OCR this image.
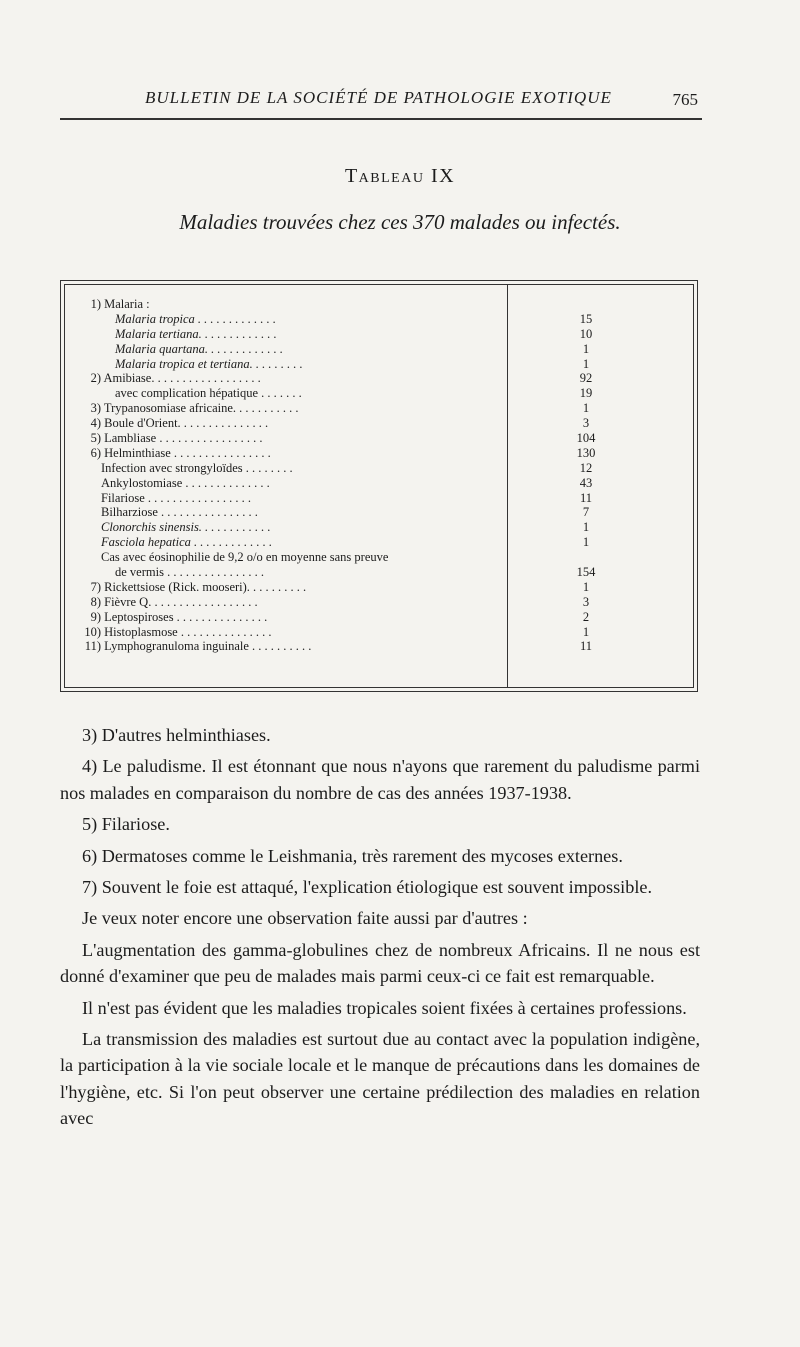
BULLETIN DE LA SOCIÉTÉ DE PATHOLOGIE EXOTIQUE	765
Tableau IX
Maladies trouvées chez ces 370 malades ou infectés.
1) Malaria :
Malaria tropica . . . . . . . . . . . . .	15
Malaria tertiana. . . . . . . . . . . . .	10
Malaria quartana. . . . . . . . . . . . .	1
Malaria tropica et tertiana. . . . . . . . .	1
2) Amibiase. . . . . . . . . . . . . . . . . .	92
avec complication hépatique . . . . . . .	19
3) Trypanosomiase africaine. . . . . . . . . . .	1
4) Boule d'Orient. . . . . . . . . . . . . . .	3
5) Lambliase . . . . . . . . . . . . . . . . .	104
6) Helminthiase . . . . . . . . . . . . . . . .	130
Infection avec strongyloïdes . . . . . . . .	12
Ankylostomiase . . . . . . . . . . . . . .	43
Filariose . . . . . . . . . . . . . . . . .	11
Bilharziose . . . . . . . . . . . . . . . .	7
Clonorchis sinensis. . . . . . . . . . . .	1
Fasciola hepatica . . . . . . . . . . . . .	1
Cas avec éosinophilie de 9,2 o/o en moyenne sans preuve
de vermis . . . . . . . . . . . . . . . .	154
7) Rickettsiose (Rick. mooseri). . . . . . . . . .	1
8) Fièvre Q. . . . . . . . . . . . . . . . . .	3
9) Leptospiroses . . . . . . . . . . . . . . .	2
10) Histoplasmose . . . . . . . . . . . . . . .	1
11) Lymphogranuloma inguinale . . . . . . . . . .	11

3) D'autres helminthiases.

4) Le paludisme. Il est étonnant que nous n'ayons que rarement du paludisme parmi nos malades en comparaison du nombre de cas des années 1937-1938.

5) Filariose.

6) Dermatoses comme le Leishmania, très rarement des mycoses externes.

7) Souvent le foie est attaqué, l'explication étiologique est souvent impossible.

Je veux noter encore une observation faite aussi par d'autres :

L'augmentation des gamma-globulines chez de nombreux Africains. Il ne nous est donné d'examiner que peu de malades mais parmi ceux-ci ce fait est remarquable.

Il n'est pas évident que les maladies tropicales soient fixées à certaines professions.

La transmission des maladies est surtout due au contact avec la population indigène, la participation à la vie sociale locale et le manque de précautions dans les domaines de l'hygiène, etc. Si l'on peut observer une certaine prédilection des maladies en relation avec
